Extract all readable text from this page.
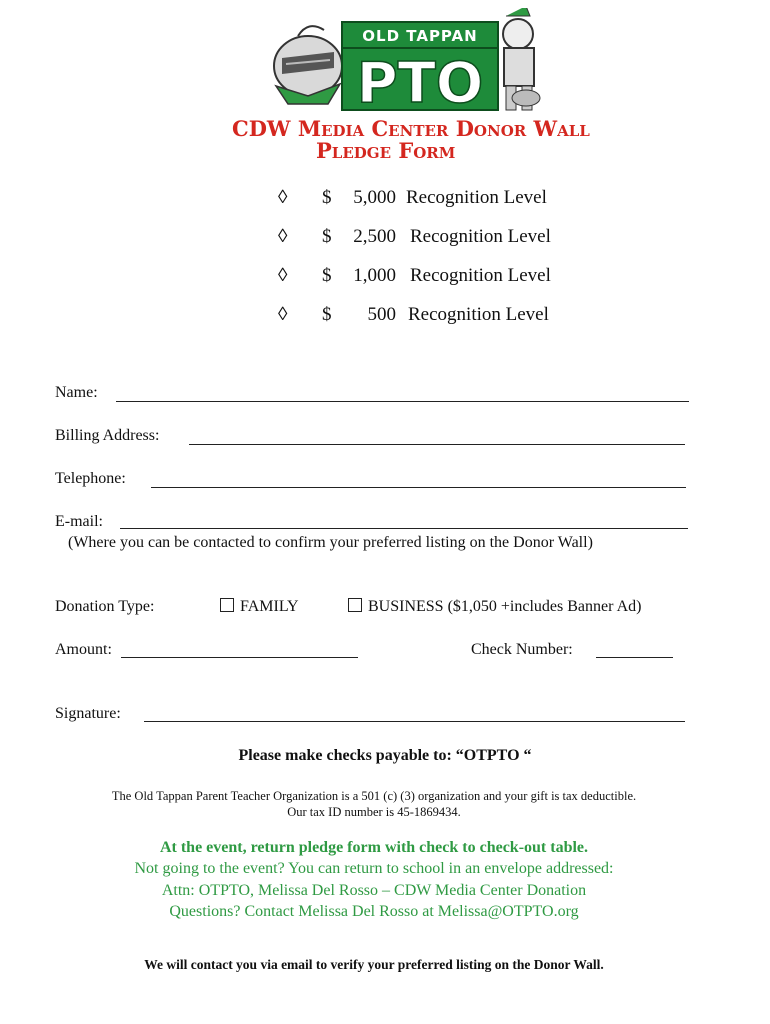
OLD TAPPAN
PTO
CDW Media Center Donor Wall
Pledge Form
◊ $	5,000 Recognition Level
◊ $	2,500 Recognition Level
◊ $	1,000 Recognition Level
◊ $	500 Recognition Level
Name:
Billing Address:
Telephone:
E-mail:
(Where you can be contacted to confirm your preferred listing on the Donor Wall)
Donation Type:	FAMILY	BUSINESS ($1,050 +includes Banner Ad)
Amount:	Check Number:
Signature:
Please make checks payable to: “OTPTO “
The Old Tappan Parent Teacher Organization is a 501 (c) (3) organization and your gift is tax deductible.
Our tax ID number is 45-1869434.
At the event, return pledge form with check to check-out table.
Not going to the event? You can return to school in an envelope addressed:
Attn: OTPTO, Melissa Del Rosso – CDW Media Center Donation
Questions? Contact Melissa Del Rosso at Melissa@OTPTO.org
We will contact you via email to verify your preferred listing on the Donor Wall.
